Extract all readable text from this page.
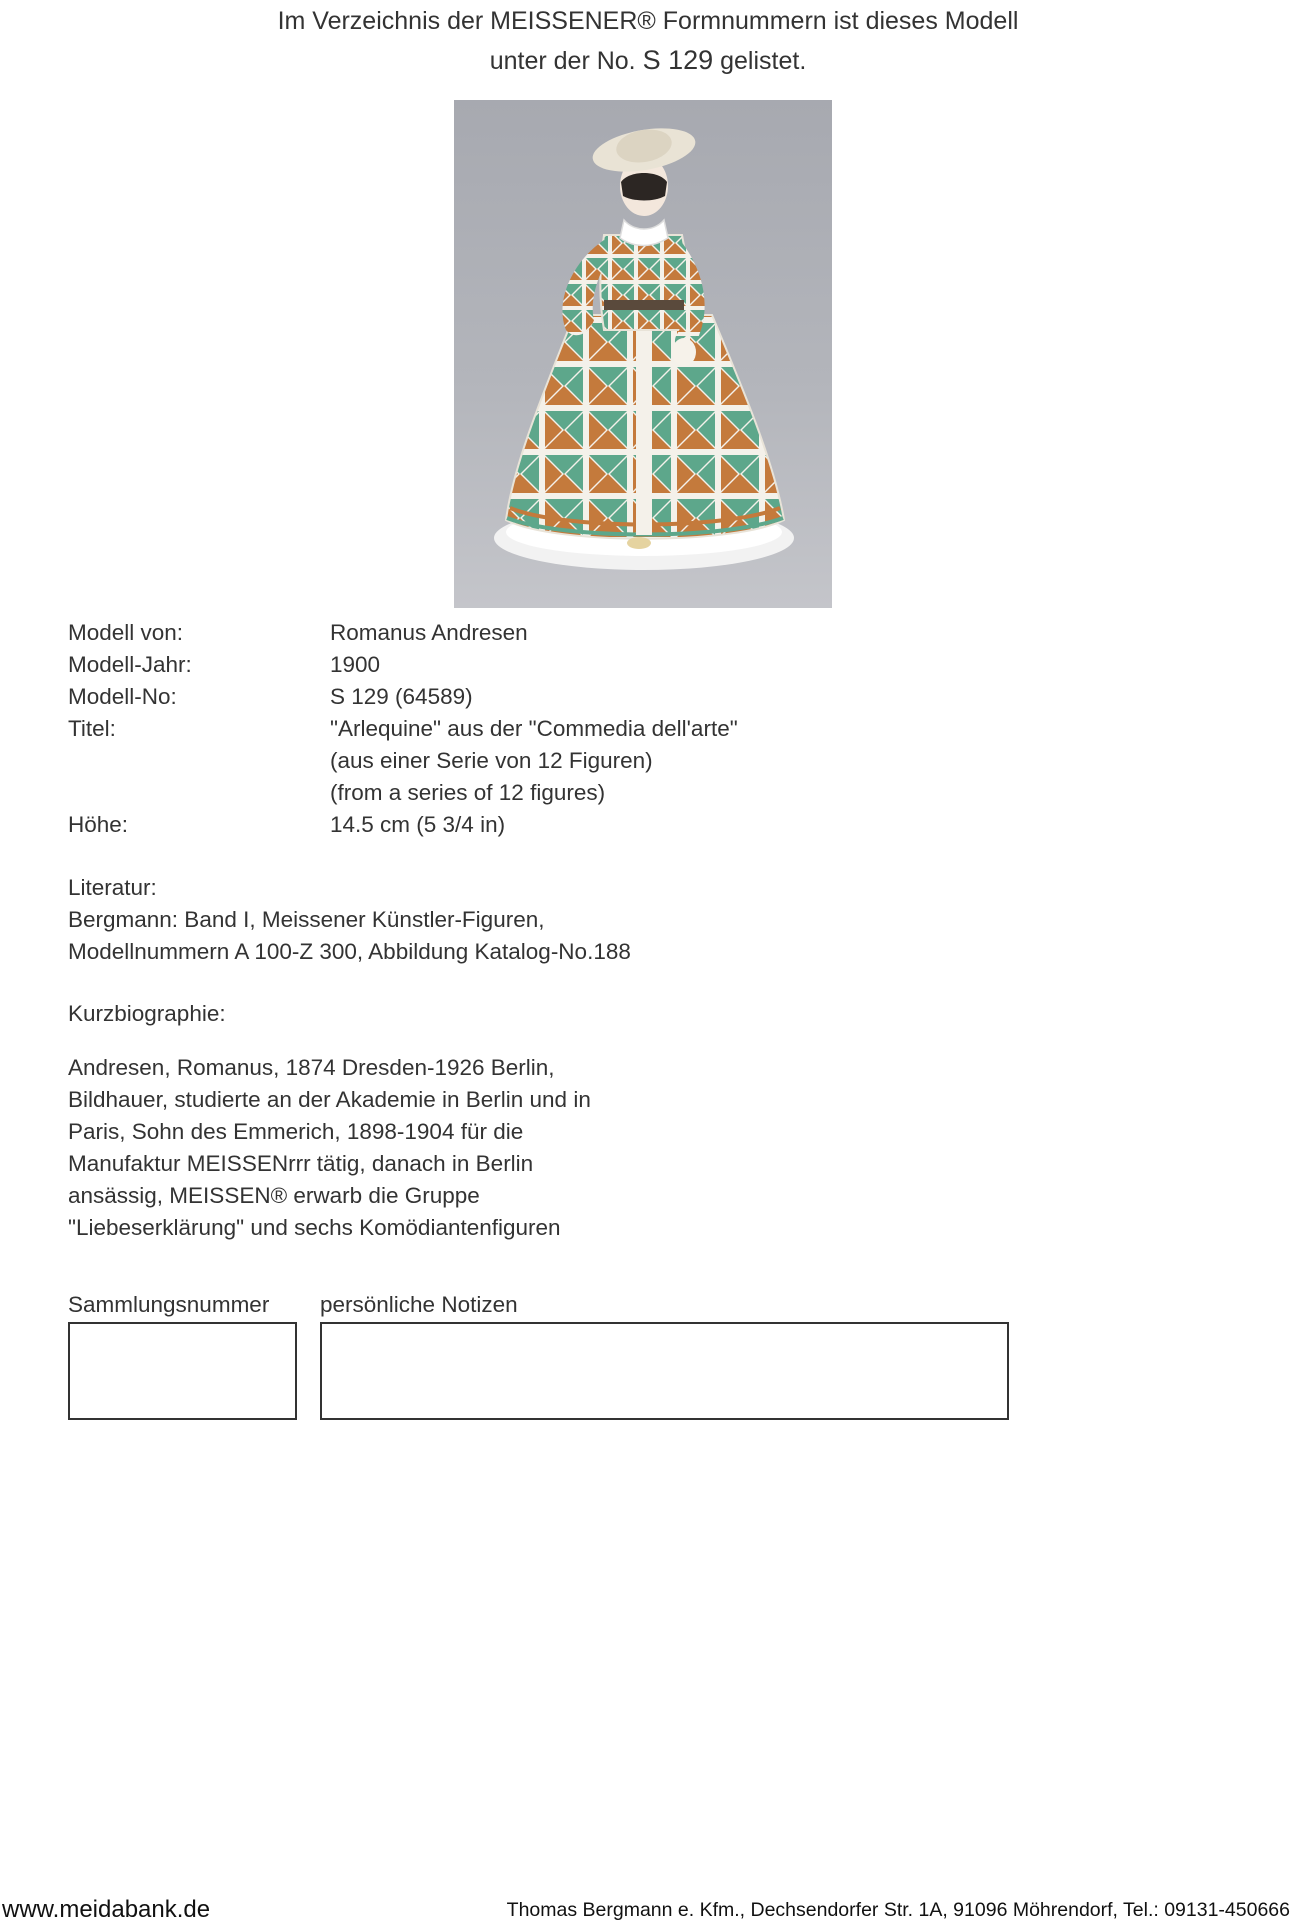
Im Verzeichnis der MEISSENER® Formnummern ist dieses Modell
unter der No. S 129 gelistet.
Modell von:	Romanus Andresen
Modell-Jahr:	1900
Modell-No:	S 129 (64589)
Titel:	"Arlequine" aus der "Commedia dell'arte"
(aus einer Serie von 12 Figuren)
(from a series of 12 figures)
Höhe:	14.5 cm (5 3/4 in)
Literatur:
Bergmann: Band I, Meissener Künstler-Figuren,
Modellnummern A 100-Z 300, Abbildung Katalog-No.188
Kurzbiographie:
Andresen, Romanus, 1874 Dresden-1926 Berlin,
Bildhauer, studierte an der Akademie in Berlin und in
Paris, Sohn des Emmerich, 1898-1904 für die
Manufaktur MEISSENrrr tätig, danach in Berlin
ansässig, MEISSEN® erwarb die Gruppe
"Liebeserklärung" und sechs Komödiantenfiguren
Sammlungsnummer persönliche Notizen
www.meidabank.de	Thomas Bergmann e. Kfm., Dechsendorfer Str. 1A, 91096 Möhrendorf, Tel.: 09131-450666
